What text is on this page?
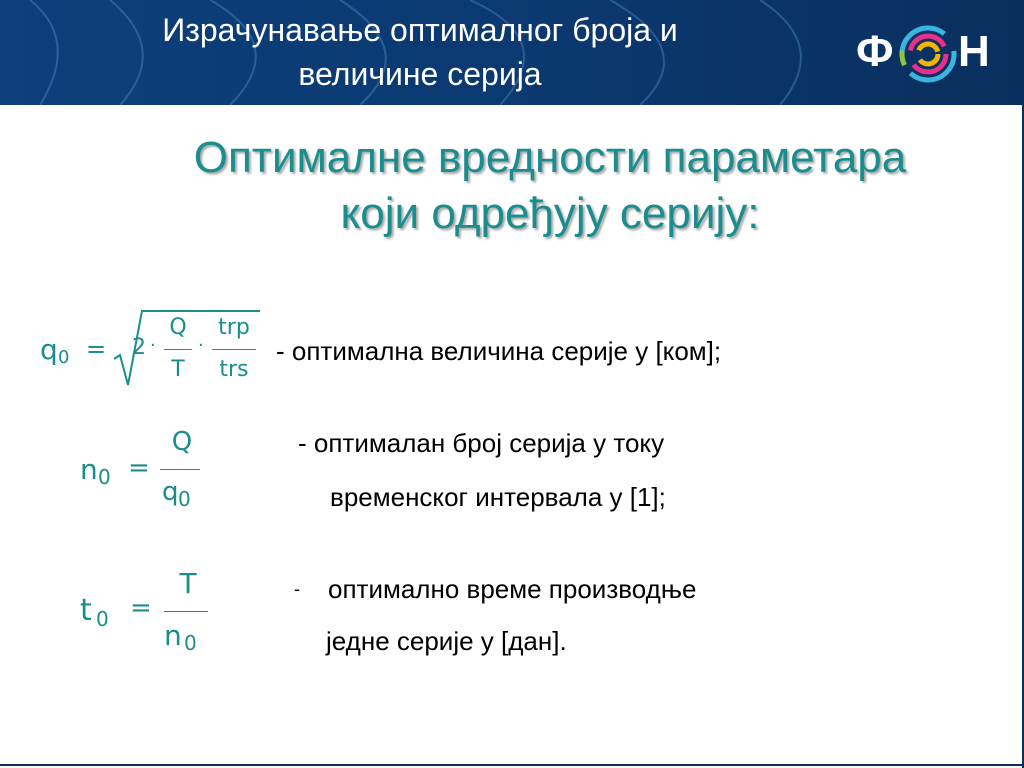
Израчунавање оптималног броја и
величине серија	Ф Н
Оптималне вредности параметара
који одређују серију:
q 0 = 2 ·
Q
T
·
trp
trs
- оптимална величина серије у [ком];
n 0 =
Q
q 0
- оптималан број серија у току
временског интервала у [1];
t 0 =
T
n 0
- оптимално време производње
једне серије у [дан].
